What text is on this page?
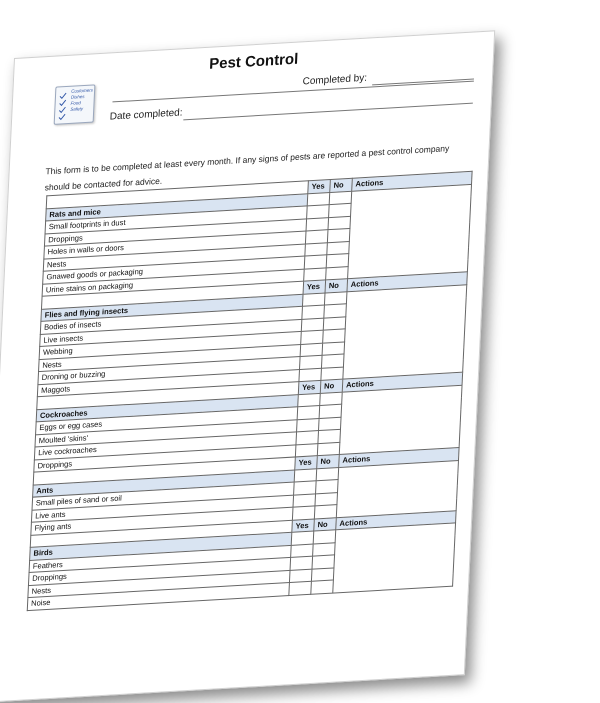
Pest Control
Customers
Dishes
Food
Safety
Completed by:
Date completed:
This form is to be completed at least every month. If any signs of pests are reported a pest control company should be contacted for advice.
		Yes	No	Actions
Rats and mice			
Small footprints in dust			
Droppings			
Holes in walls or doors			
Nests			
Gnawed goods or packaging			
Urine stains on packaging			
	Yes	No	Actions
Flies and flying insects			
Bodies of insects			
Live insects			
Webbing			
Nests			
Droning or buzzing			
Maggots			
	Yes	No	Actions
Cockroaches			
Eggs or egg cases			
Moulted 'skins'			
Live cockroaches			
Droppings			
	Yes	No	Actions
Ants			
Small piles of sand or soil			
Live ants			
Flying ants			
	Yes	No	Actions
Birds			
Feathers			
Droppings			
Nests			
Noise			
